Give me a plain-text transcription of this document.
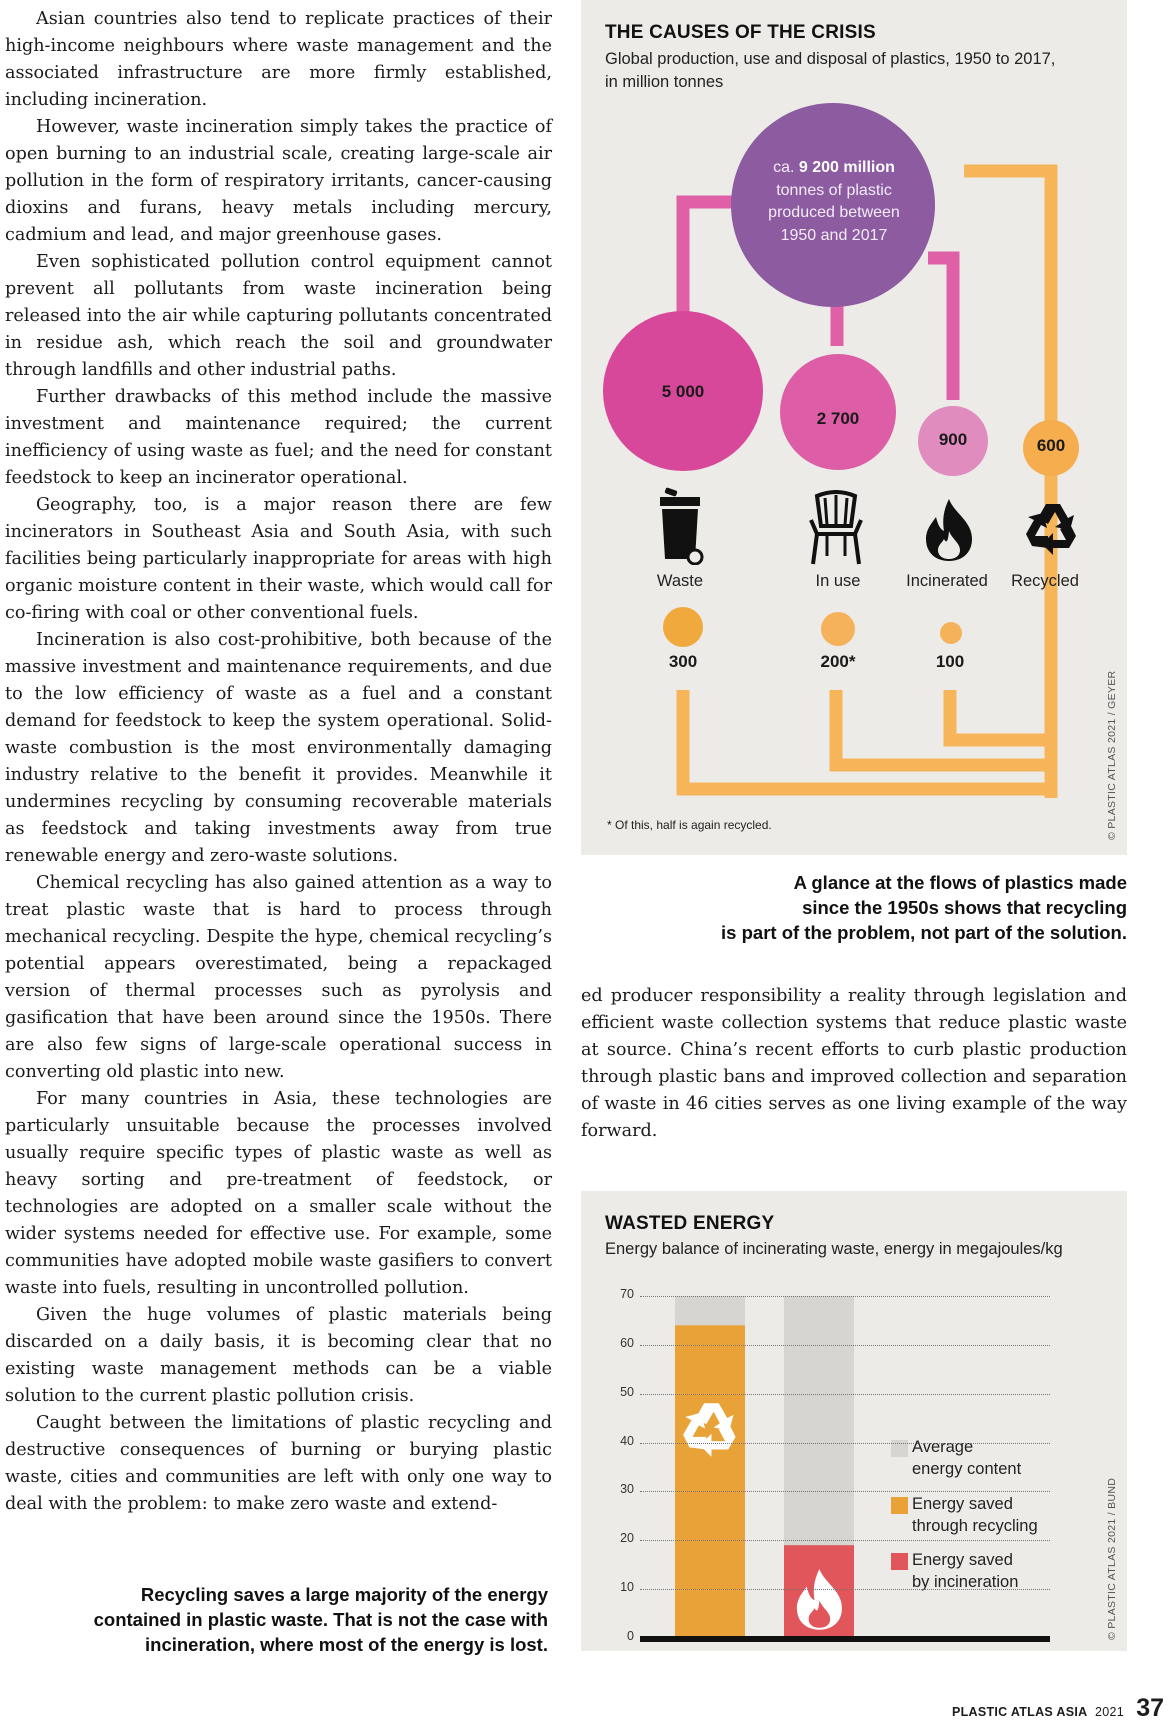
Asian countries also tend to replicate practices of their high-income neighbours where waste management and the associated infrastructure are more firmly established, including incineration.

However, waste incineration simply takes the practice of open burning to an industrial scale, creating large-scale air pollution in the form of respiratory irritants, cancer-causing dioxins and furans, heavy metals including mercury, cadmium and lead, and major greenhouse gases.

Even sophisticated pollution control equipment cannot prevent all pollutants from waste incineration being released into the air while capturing pollutants concentrated in residue ash, which reach the soil and groundwater through landfills and other industrial paths.

Further drawbacks of this method include the massive investment and maintenance required; the current inefficiency of using waste as fuel; and the need for constant feedstock to keep an incinerator operational.

Geography, too, is a major reason there are few incinerators in Southeast Asia and South Asia, with such facilities being particularly inappropriate for areas with high organic moisture content in their waste, which would call for co-firing with coal or other conventional fuels.

Incineration is also cost-prohibitive, both because of the massive investment and maintenance requirements, and due to the low efficiency of waste as a fuel and a constant demand for feedstock to keep the system operational. Solid-waste combustion is the most environmentally damaging industry relative to the benefit it provides. Meanwhile it undermines recycling by consuming recoverable materials as feedstock and taking investments away from true renewable energy and zero-waste solutions.

Chemical recycling has also gained attention as a way to treat plastic waste that is hard to process through mechanical recycling. Despite the hype, chemical recycling’s potential appears overestimated, being a repackaged version of thermal processes such as pyrolysis and gasification that have been around since the 1950s. There are also few signs of large-scale operational success in converting old plastic into new.

For many countries in Asia, these technologies are particularly unsuitable because the processes involved usually require specific types of plastic waste as well as heavy sorting and pre-treatment of feedstock, or technologies are adopted on a smaller scale without the wider systems needed for effective use. For example, some communities have adopted mobile waste gasifiers to convert waste into fuels, resulting in uncontrolled pollution.

Given the huge volumes of plastic materials being discarded on a daily basis, it is becoming clear that no existing waste management methods can be a viable solution to the current plastic pollution crisis.

Caught between the limitations of plastic recycling and destructive consequences of burning or burying plastic waste, cities and communities are left with only one way to deal with the problem: to make zero waste and extend-

ed producer responsibility a reality through legislation and efficient waste collection systems that reduce plastic waste at source. China’s recent efforts to curb plastic production through plastic bans and improved collection and separation of waste in 46 cities serves as one living example of the way forward.
THE CAUSES OF THE CRISIS
Global production, use and disposal of plastics, 1950 to 2017,
in million tonnes
ca. 9 200 million
tonnes of plastic
produced between
1950 and 2017
5 000
2 700
900	600
Waste	In use	Incinerated	Recycled
300	200*	100
* Of this, half is again recycled.	© PLASTIC ATLAS 2021 / GEYER
A glance at the flows of plastics made
since the 1950s shows that recycling
is part of the problem, not part of the solution.
WASTED ENERGY
Energy balance of incinerating waste, energy in megajoules/kg
Average
energy content
Energy saved
through recycling
Energy saved
by incineration	© PLASTIC ATLAS 2021 / BUND
Recycling saves a large majority of the energy
contained in plastic waste. That is not the case with
incineration, where most of the energy is lost.
PLASTIC ATLAS ASIA 2021 37
0
10
20
30
40
50
60
70
